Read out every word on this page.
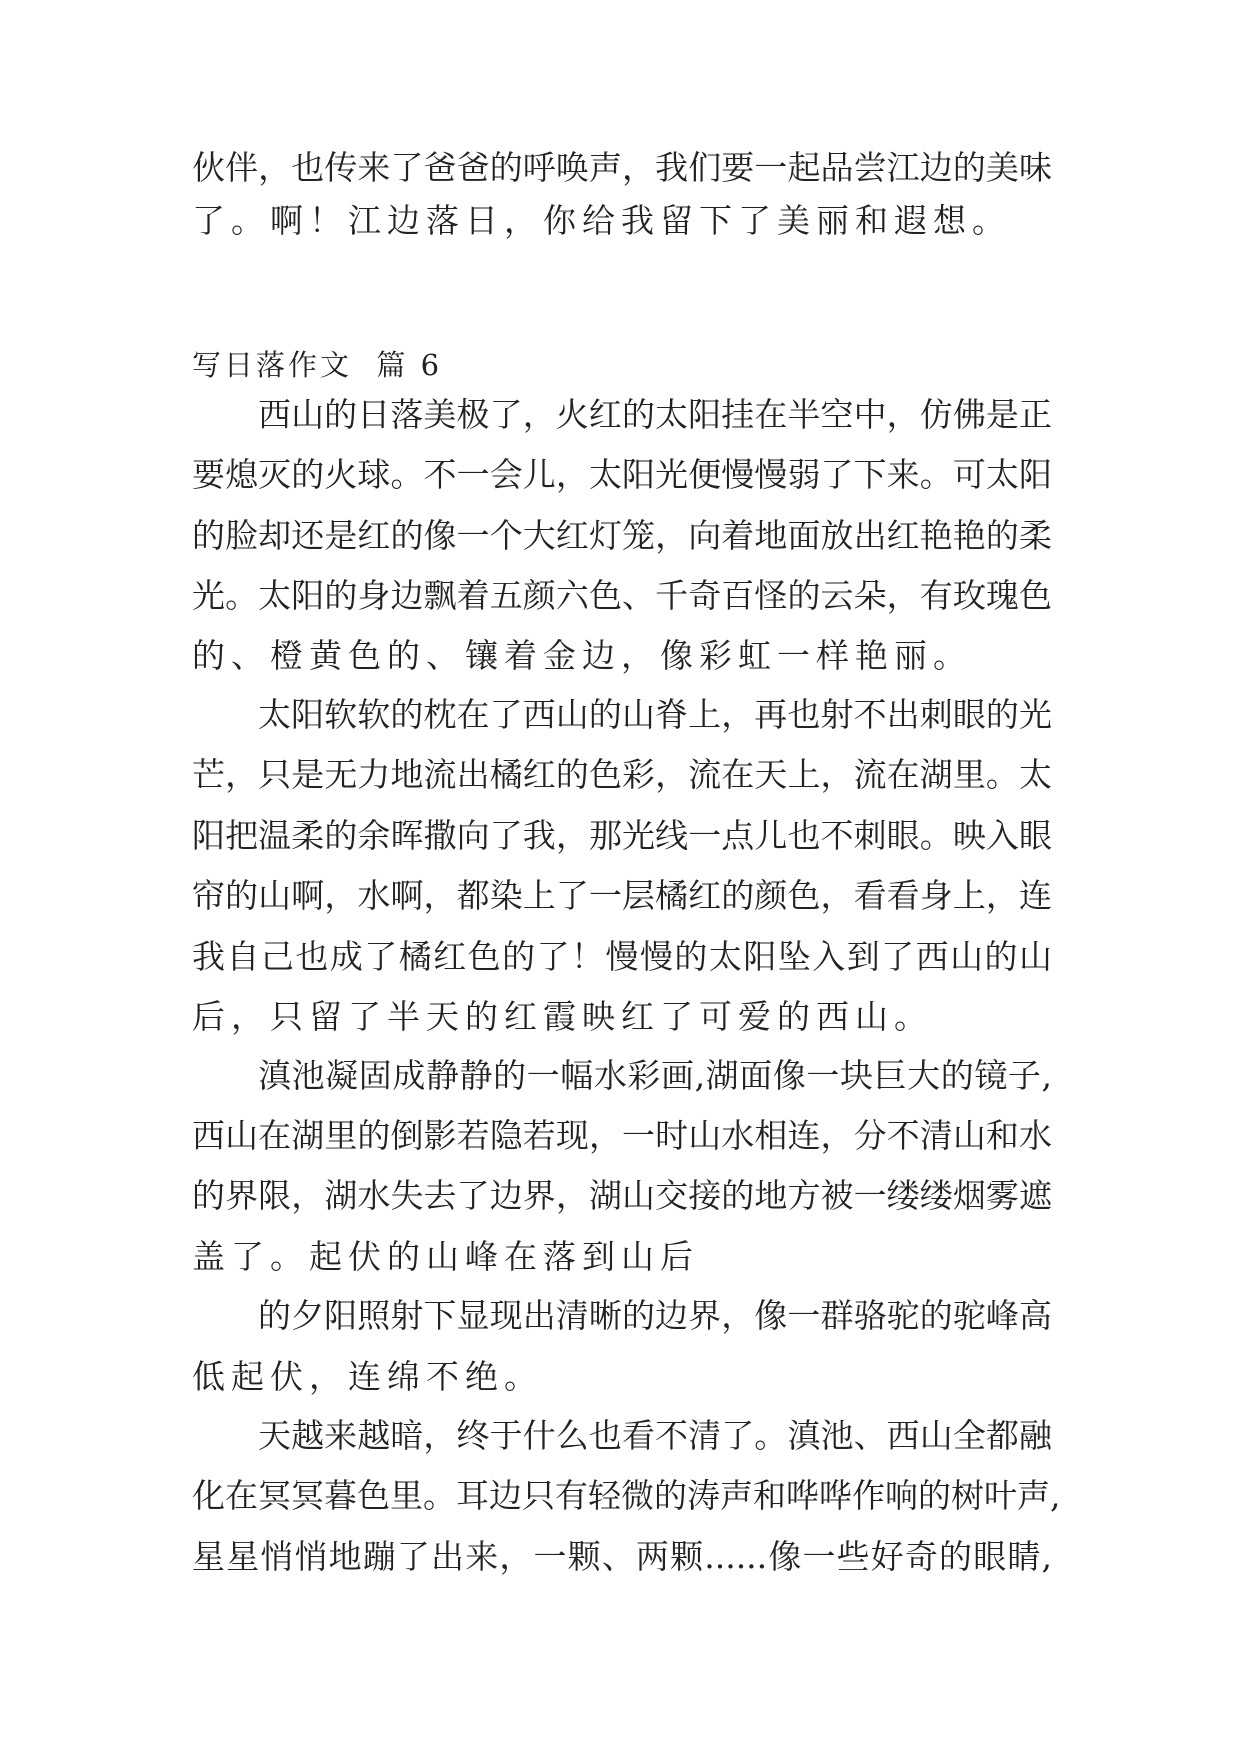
伙伴，也传来了爸爸的呼唤声，我们要一起品尝江边的美味
了。啊！江边落日，你给我留下了美丽和遐想。
写日落作文  篇 6
西山的日落美极了，火红的太阳挂在半空中，仿佛是正
要熄灭的火球。不一会儿，太阳光便慢慢弱了下来。可太阳
的脸却还是红的像一个大红灯笼，向着地面放出红艳艳的柔
光。太阳的身边飘着五颜六色、千奇百怪的云朵，有玫瑰色
的、橙黄色的、镶着金边，像彩虹一样艳丽。
太阳软软的枕在了西山的山脊上，再也射不出刺眼的光
芒，只是无力地流出橘红的色彩，流在天上，流在湖里。太
阳把温柔的余晖撒向了我，那光线一点儿也不刺眼。映入眼
帘的山啊，水啊，都染上了一层橘红的颜色，看看身上，连
我自己也成了橘红色的了！慢慢的太阳坠入到了西山的山
后，只留了半天的红霞映红了可爱的西山。
滇池凝固成静静的一幅水彩画,湖面像一块巨大的镜子,
西山在湖里的倒影若隐若现，一时山水相连，分不清山和水
的界限，湖水失去了边界，湖山交接的地方被一缕缕烟雾遮
盖了。起伏的山峰在落到山后
的夕阳照射下显现出清晰的边界，像一群骆驼的驼峰高
低起伏，连绵不绝。
天越来越暗，终于什么也看不清了。滇池、西山全都融
化在冥冥暮色里。耳边只有轻微的涛声和哗哗作响的树叶声,
星星悄悄地蹦了出来，一颗、两颗......像一些好奇的眼睛,
